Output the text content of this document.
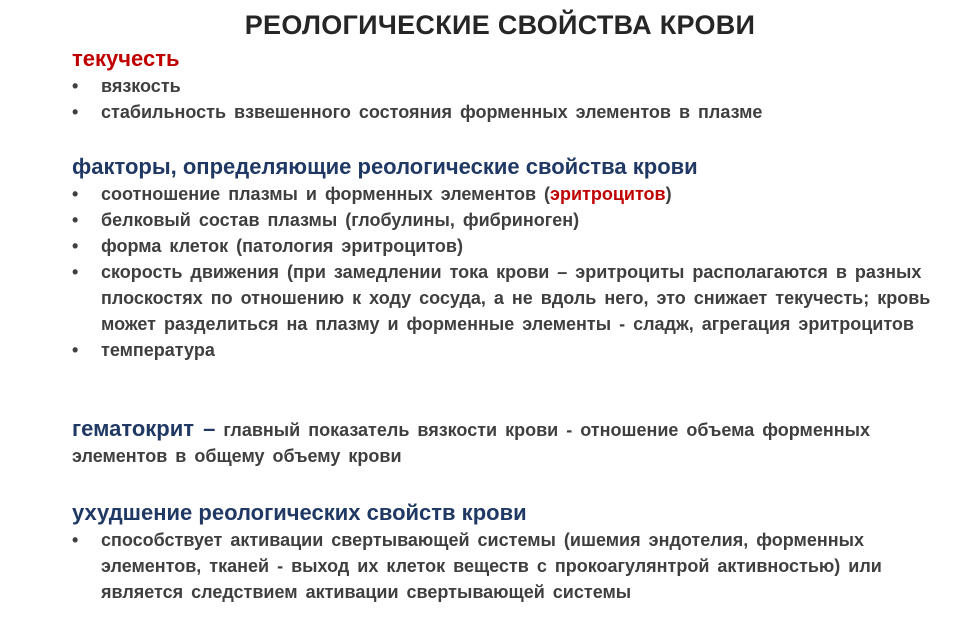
РЕОЛОГИЧЕСКИЕ СВОЙСТВА КРОВИ
текучесть
• вязкость
• стабильность взвешенного состояния форменных элементов в плазме
факторы, определяющие реологические свойства крови
• соотношение плазмы и форменных элементов (эритроцитов)
• белковый состав плазмы (глобулины, фибриноген)
• форма клеток (патология эритроцитов)
• скорость движения (при замедлении тока крови – эритроциты располагаются в разных плоскостях по отношению к ходу сосуда, а не вдоль него, это снижает текучесть; кровь может разделиться на плазму и форменные элементы - сладж, агрегация эритроцитов
• температура
гематокрит – главный показатель вязкости крови - отношение объема форменных элементов в общему объему крови
ухудшение реологических свойств крови
• способствует активации свертывающей системы (ишемия эндотелия, форменных элементов, тканей - выход их клеток веществ с прокоагулянтрой активностью) или является следствием активации свертывающей системы
